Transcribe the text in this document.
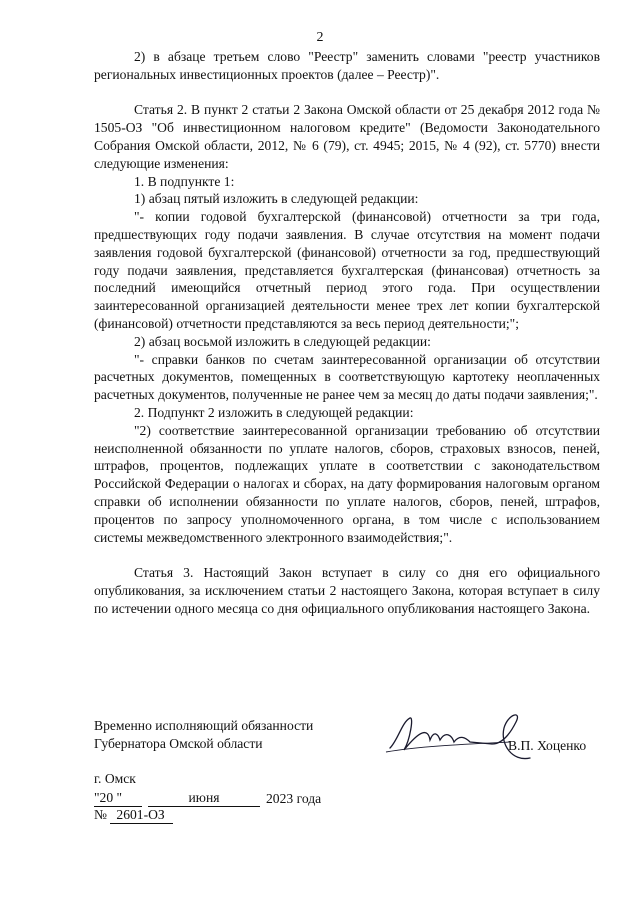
2

2) в абзаце третьем слово "Реестр" заменить словами "реестр участников региональных инвестиционных проектов (далее – Реестр)".

Статья 2. В пункт 2 статьи 2 Закона Омской области от 25 декабря 2012 года № 1505-ОЗ "Об инвестиционном налоговом кредите" (Ведомости Законодательного Собрания Омской области, 2012, № 6 (79), ст. 4945; 2015, № 4 (92), ст. 5770) внести следующие изменения:

1. В подпункте 1:

1) абзац пятый изложить в следующей редакции:

"- копии годовой бухгалтерской (финансовой) отчетности за три года, предшествующих году подачи заявления. В случае отсутствия на момент подачи заявления годовой бухгалтерской (финансовой) отчетности за год, предшествующий году подачи заявления, представляется бухгалтерская (финансовая) отчетность за последний имеющийся отчетный период этого года. При осуществлении заинтересованной организацией деятельности менее трех лет копии бухгалтерской (финансовой) отчетности представляются за весь период деятельности;";

2) абзац восьмой изложить в следующей редакции:

"- справки банков по счетам заинтересованной организации об отсутствии расчетных документов, помещенных в соответствующую картотеку неоплаченных расчетных документов, полученные не ранее чем за месяц до даты подачи заявления;".

2. Подпункт 2 изложить в следующей редакции:

"2) соответствие заинтересованной организации требованию об отсутствии неисполненной обязанности по уплате налогов, сборов, страховых взносов, пеней, штрафов, процентов, подлежащих уплате в соответствии с законодательством Российской Федерации о налогах и сборах, на дату формирования налоговым органом справки об исполнении обязанности по уплате налогов, сборов, пеней, штрафов, процентов по запросу уполномоченного органа, в том числе с использованием системы межведомственного электронного взаимодействия;".

Статья 3. Настоящий Закон вступает в силу со дня его официального опубликования, за исключением статьи 2 настоящего Закона, которая вступает в силу по истечении одного месяца со дня официального опубликования настоящего Закона.

Временно исполняющий обязанности
Губернатора Омской области	В.П. Хоценко
г. Омск
"20 "	июня	2023 года
№ 2601-ОЗ
